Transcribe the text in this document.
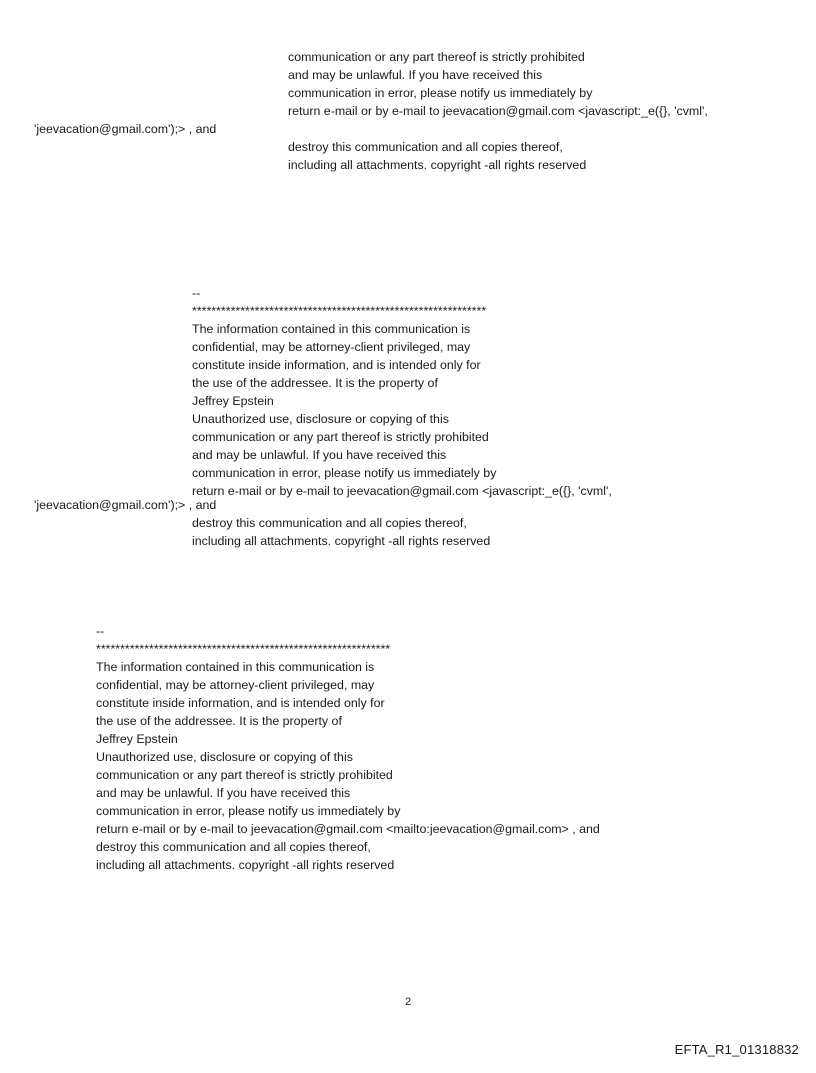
communication or any part thereof is strictly prohibited
and may be unlawful. If you have received this
communication in error, please notify us immediately by
return e-mail or by e-mail to jeevacation@gmail.com <javascript:_e({}, 'cvml',

'jeevacation@gmail.com');> , and

destroy this communication and all copies thereof,
including all attachments. copyright -all rights reserved
--
*************************************************************
The information contained in this communication is
confidential, may be attorney-client privileged, may
constitute inside information, and is intended only for
the use of the addressee. It is the property of
Jeffrey Epstein
Unauthorized use, disclosure or copying of this
communication or any part thereof is strictly prohibited
and may be unlawful. If you have received this
communication in error, please notify us immediately by
return e-mail or by e-mail to jeevacation@gmail.com <javascript:_e({}, 'cvml',

'jeevacation@gmail.com');> , and

destroy this communication and all copies thereof,
including all attachments. copyright -all rights reserved
--
*************************************************************
The information contained in this communication is
confidential, may be attorney-client privileged, may
constitute inside information, and is intended only for
the use of the addressee. It is the property of
Jeffrey Epstein
Unauthorized use, disclosure or copying of this
communication or any part thereof is strictly prohibited
and may be unlawful. If you have received this
communication in error, please notify us immediately by
return e-mail or by e-mail to jeevacation@gmail.com <mailto:jeevacation@gmail.com> , and
destroy this communication and all copies thereof,
including all attachments. copyright -all rights reserved
2
EFTA_R1_01318832
